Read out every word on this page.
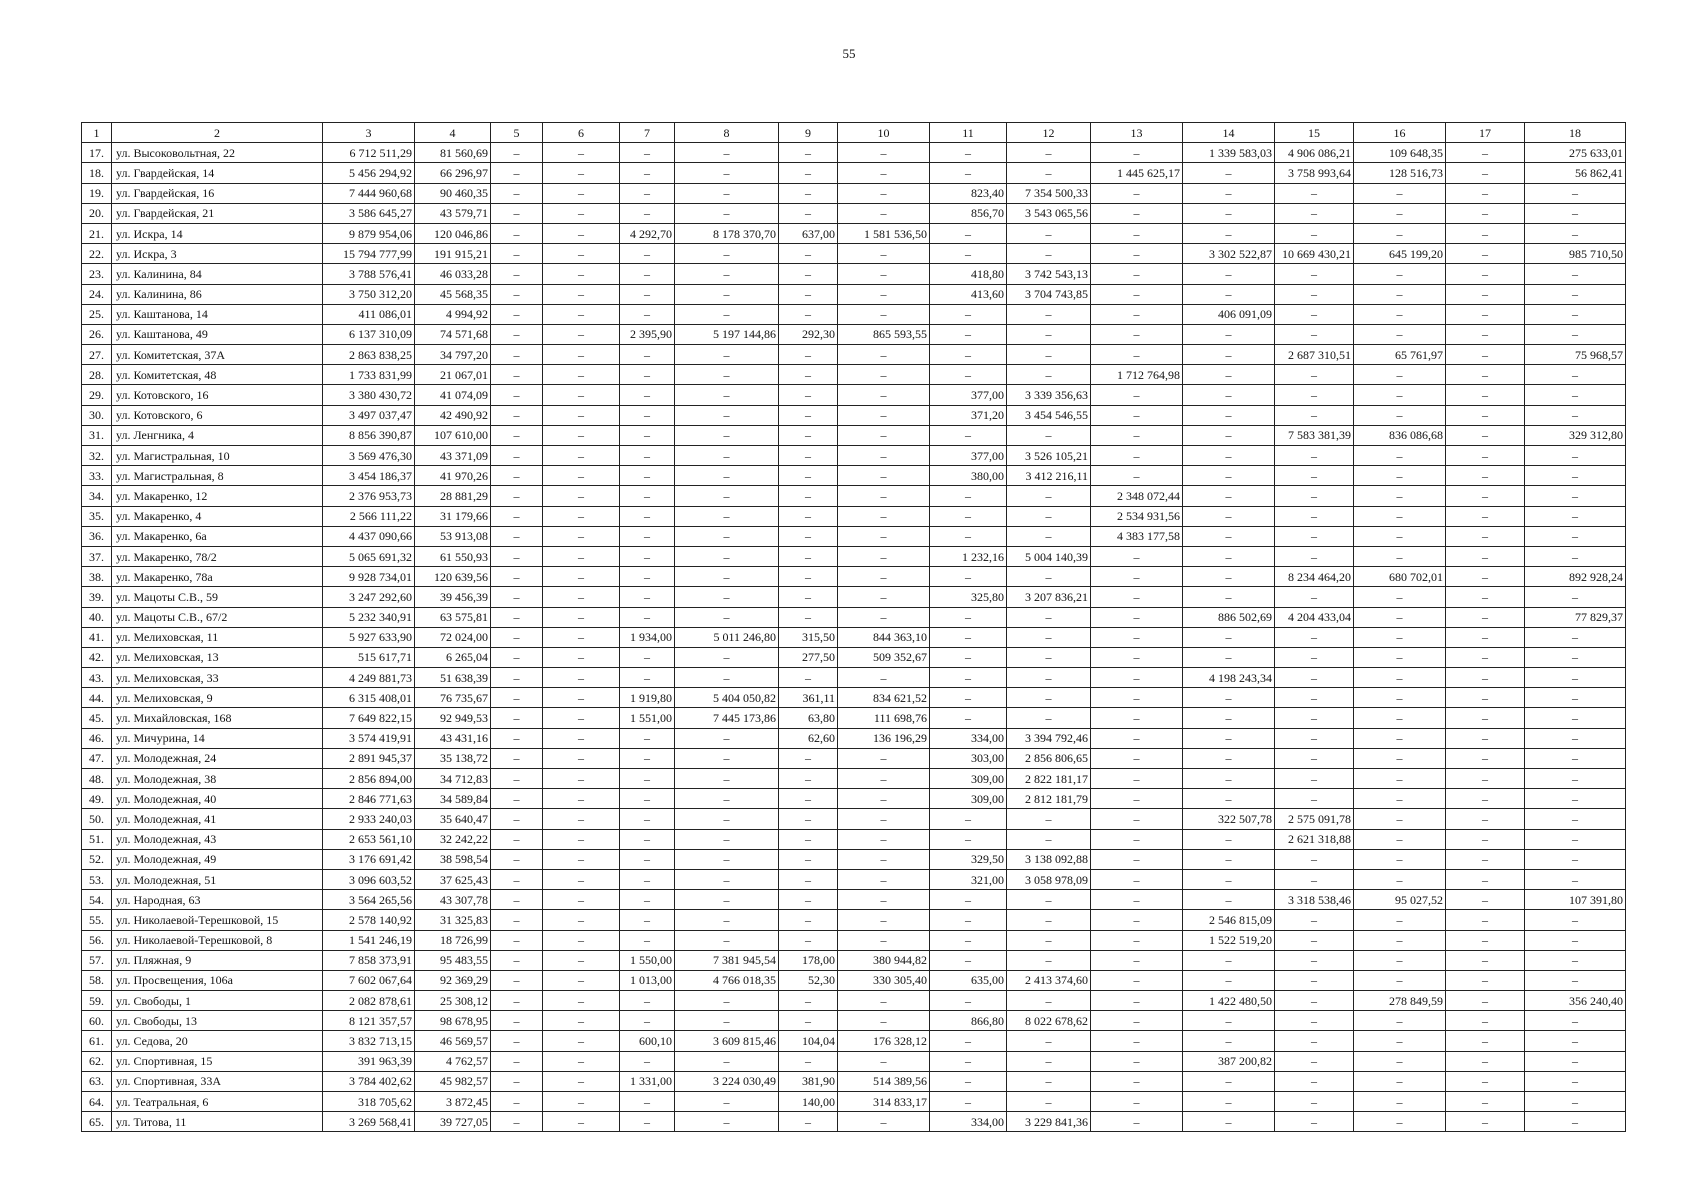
55
1	2	3	4	5	6	7	8	9	10	11	12	13	14	15	16	17	18
17.	ул. Высоковольтная, 22	6 712 511,29	81 560,69	–	–	–	–	–	–	–	–	–	1 339 583,03	4 906 086,21	109 648,35	–	275 633,01
18.	ул. Гвардейская, 14	5 456 294,92	66 296,97	–	–	–	–	–	–	–	–	1 445 625,17	–	3 758 993,64	128 516,73	–	56 862,41
19.	ул. Гвардейская, 16	7 444 960,68	90 460,35	–	–	–	–	–	–	823,40	7 354 500,33	–	–	–	–	–	–
20.	ул. Гвардейская, 21	3 586 645,27	43 579,71	–	–	–	–	–	–	856,70	3 543 065,56	–	–	–	–	–	–
21.	ул. Искра, 14	9 879 954,06	120 046,86	–	–	4 292,70	8 178 370,70	637,00	1 581 536,50	–	–	–	–	–	–	–	–
22.	ул. Искра, 3	15 794 777,99	191 915,21	–	–	–	–	–	–	–	–	–	3 302 522,87	10 669 430,21	645 199,20	–	985 710,50
23.	ул. Калинина, 84	3 788 576,41	46 033,28	–	–	–	–	–	–	418,80	3 742 543,13	–	–	–	–	–	–
24.	ул. Калинина, 86	3 750 312,20	45 568,35	–	–	–	–	–	–	413,60	3 704 743,85	–	–	–	–	–	–
25.	ул. Каштанова, 14	411 086,01	4 994,92	–	–	–	–	–	–	–	–	–	406 091,09	–	–	–	–
26.	ул. Каштанова, 49	6 137 310,09	74 571,68	–	–	2 395,90	5 197 144,86	292,30	865 593,55	–	–	–	–	–	–	–	–
27.	ул. Комитетская, 37А	2 863 838,25	34 797,20	–	–	–	–	–	–	–	–	–	–	2 687 310,51	65 761,97	–	75 968,57
28.	ул. Комитетская, 48	1 733 831,99	21 067,01	–	–	–	–	–	–	–	–	1 712 764,98	–	–	–	–	–
29.	ул. Котовского, 16	3 380 430,72	41 074,09	–	–	–	–	–	–	377,00	3 339 356,63	–	–	–	–	–	–
30.	ул. Котовского, 6	3 497 037,47	42 490,92	–	–	–	–	–	–	371,20	3 454 546,55	–	–	–	–	–	–
31.	ул. Ленгника, 4	8 856 390,87	107 610,00	–	–	–	–	–	–	–	–	–	–	7 583 381,39	836 086,68	–	329 312,80
32.	ул. Магистральная, 10	3 569 476,30	43 371,09	–	–	–	–	–	–	377,00	3 526 105,21	–	–	–	–	–	–
33.	ул. Магистральная, 8	3 454 186,37	41 970,26	–	–	–	–	–	–	380,00	3 412 216,11	–	–	–	–	–	–
34.	ул. Макаренко, 12	2 376 953,73	28 881,29	–	–	–	–	–	–	–	–	2 348 072,44	–	–	–	–	–
35.	ул. Макаренко, 4	2 566 111,22	31 179,66	–	–	–	–	–	–	–	–	2 534 931,56	–	–	–	–	–
36.	ул. Макаренко, 6а	4 437 090,66	53 913,08	–	–	–	–	–	–	–	–	4 383 177,58	–	–	–	–	–
37.	ул. Макаренко, 78/2	5 065 691,32	61 550,93	–	–	–	–	–	–	1 232,16	5 004 140,39	–	–	–	–	–	–
38.	ул. Макаренко, 78а	9 928 734,01	120 639,56	–	–	–	–	–	–	–	–	–	–	8 234 464,20	680 702,01	–	892 928,24
39.	ул. Мацоты С.В., 59	3 247 292,60	39 456,39	–	–	–	–	–	–	325,80	3 207 836,21	–	–	–	–	–	–
40.	ул. Мацоты С.В., 67/2	5 232 340,91	63 575,81	–	–	–	–	–	–	–	–	–	886 502,69	4 204 433,04	–	–	77 829,37
41.	ул. Мелиховская, 11	5 927 633,90	72 024,00	–	–	1 934,00	5 011 246,80	315,50	844 363,10	–	–	–	–	–	–	–	–
42.	ул. Мелиховская, 13	515 617,71	6 265,04	–	–	–	–	277,50	509 352,67	–	–	–	–	–	–	–	–
43.	ул. Мелиховская, 33	4 249 881,73	51 638,39	–	–	–	–	–	–	–	–	–	4 198 243,34	–	–	–	–
44.	ул. Мелиховская, 9	6 315 408,01	76 735,67	–	–	1 919,80	5 404 050,82	361,11	834 621,52	–	–	–	–	–	–	–	–
45.	ул. Михайловская, 168	7 649 822,15	92 949,53	–	–	1 551,00	7 445 173,86	63,80	111 698,76	–	–	–	–	–	–	–	–
46.	ул. Мичурина, 14	3 574 419,91	43 431,16	–	–	–	–	62,60	136 196,29	334,00	3 394 792,46	–	–	–	–	–	–
47.	ул. Молодежная, 24	2 891 945,37	35 138,72	–	–	–	–	–	–	303,00	2 856 806,65	–	–	–	–	–	–
48.	ул. Молодежная, 38	2 856 894,00	34 712,83	–	–	–	–	–	–	309,00	2 822 181,17	–	–	–	–	–	–
49.	ул. Молодежная, 40	2 846 771,63	34 589,84	–	–	–	–	–	–	309,00	2 812 181,79	–	–	–	–	–	–
50.	ул. Молодежная, 41	2 933 240,03	35 640,47	–	–	–	–	–	–	–	–	–	322 507,78	2 575 091,78	–	–	–
51.	ул. Молодежная, 43	2 653 561,10	32 242,22	–	–	–	–	–	–	–	–	–	–	2 621 318,88	–	–	–
52.	ул. Молодежная, 49	3 176 691,42	38 598,54	–	–	–	–	–	–	329,50	3 138 092,88	–	–	–	–	–	–
53.	ул. Молодежная, 51	3 096 603,52	37 625,43	–	–	–	–	–	–	321,00	3 058 978,09	–	–	–	–	–	–
54.	ул. Народная, 63	3 564 265,56	43 307,78	–	–	–	–	–	–	–	–	–	–	3 318 538,46	95 027,52	–	107 391,80
55.	ул. Николаевой-Терешковой, 15	2 578 140,92	31 325,83	–	–	–	–	–	–	–	–	–	2 546 815,09	–	–	–	–
56.	ул. Николаевой-Терешковой, 8	1 541 246,19	18 726,99	–	–	–	–	–	–	–	–	–	1 522 519,20	–	–	–	–
57.	ул. Пляжная, 9	7 858 373,91	95 483,55	–	–	1 550,00	7 381 945,54	178,00	380 944,82	–	–	–	–	–	–	–	–
58.	ул. Просвещения, 106а	7 602 067,64	92 369,29	–	–	1 013,00	4 766 018,35	52,30	330 305,40	635,00	2 413 374,60	–	–	–	–	–	–
59.	ул. Свободы, 1	2 082 878,61	25 308,12	–	–	–	–	–	–	–	–	–	1 422 480,50	–	278 849,59	–	356 240,40
60.	ул. Свободы, 13	8 121 357,57	98 678,95	–	–	–	–	–	–	866,80	8 022 678,62	–	–	–	–	–	–
61.	ул. Седова, 20	3 832 713,15	46 569,57	–	–	600,10	3 609 815,46	104,04	176 328,12	–	–	–	–	–	–	–	–
62.	ул. Спортивная, 15	391 963,39	4 762,57	–	–	–	–	–	–	–	–	–	387 200,82	–	–	–	–
63.	ул. Спортивная, 33А	3 784 402,62	45 982,57	–	–	1 331,00	3 224 030,49	381,90	514 389,56	–	–	–	–	–	–	–	–
64.	ул. Театральная, 6	318 705,62	3 872,45	–	–	–	–	140,00	314 833,17	–	–	–	–	–	–	–	–
65.	ул. Титова, 11	3 269 568,41	39 727,05	–	–	–	–	–	–	334,00	3 229 841,36	–	–	–	–	–	–
